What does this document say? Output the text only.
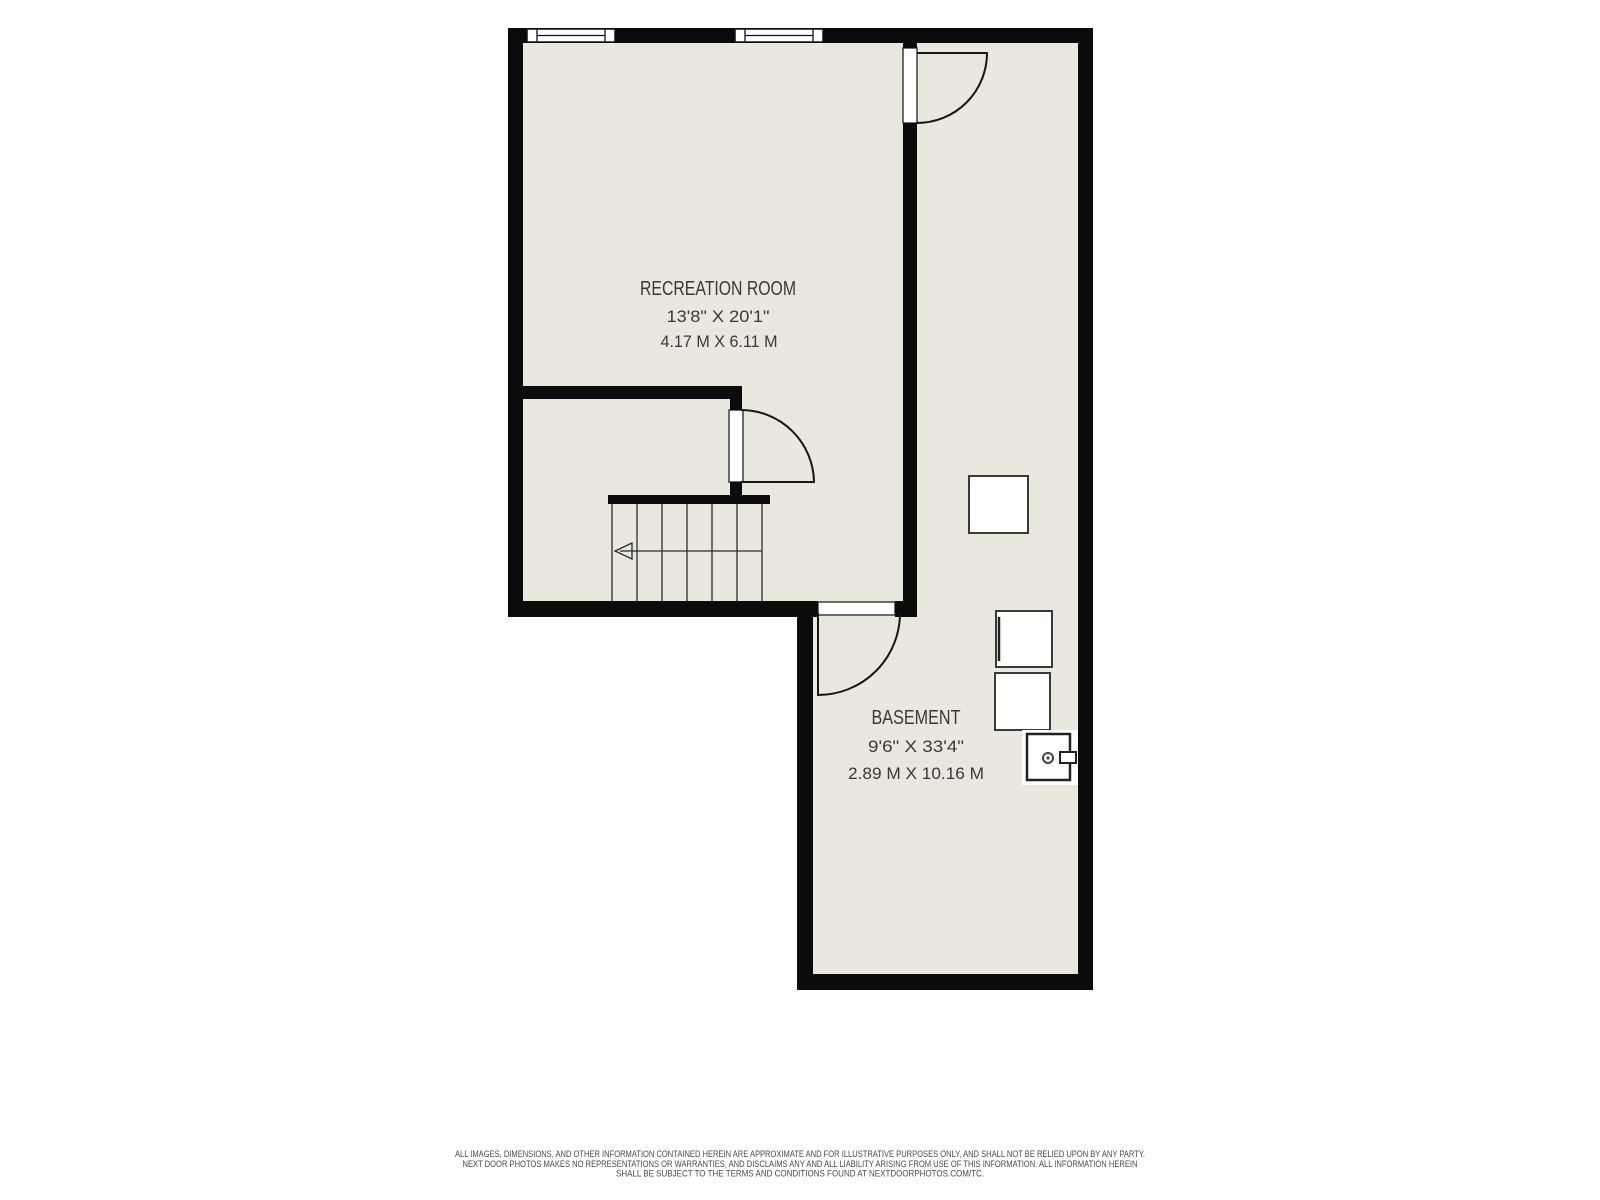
RECREATION ROOM
13'8" X 20'1"
4.17 M X 6.11 M
BASEMENT
9'6" X 33'4"
2.89 M X 10.16 M
ALL IMAGES, DIMENSIONS, AND OTHER INFORMATION CONTAINED HEREIN ARE APPROXIMATE AND FOR ILLUSTRATIVE PURPOSES ONLY, AND SHALL NOT BE RELIED UPON BY ANY PARTY.
NEXT DOOR PHOTOS MAKES NO REPRESENTATIONS OR WARRANTIES, AND DISCLAIMS ANY AND ALL LIABILITY ARISING FROM USE OF THIS INFORMATION. ALL INFORMATION HEREIN
SHALL BE SUBJECT TO THE TERMS AND CONDITIONS FOUND AT NEXTDOORPHOTOS.COM/TC.
